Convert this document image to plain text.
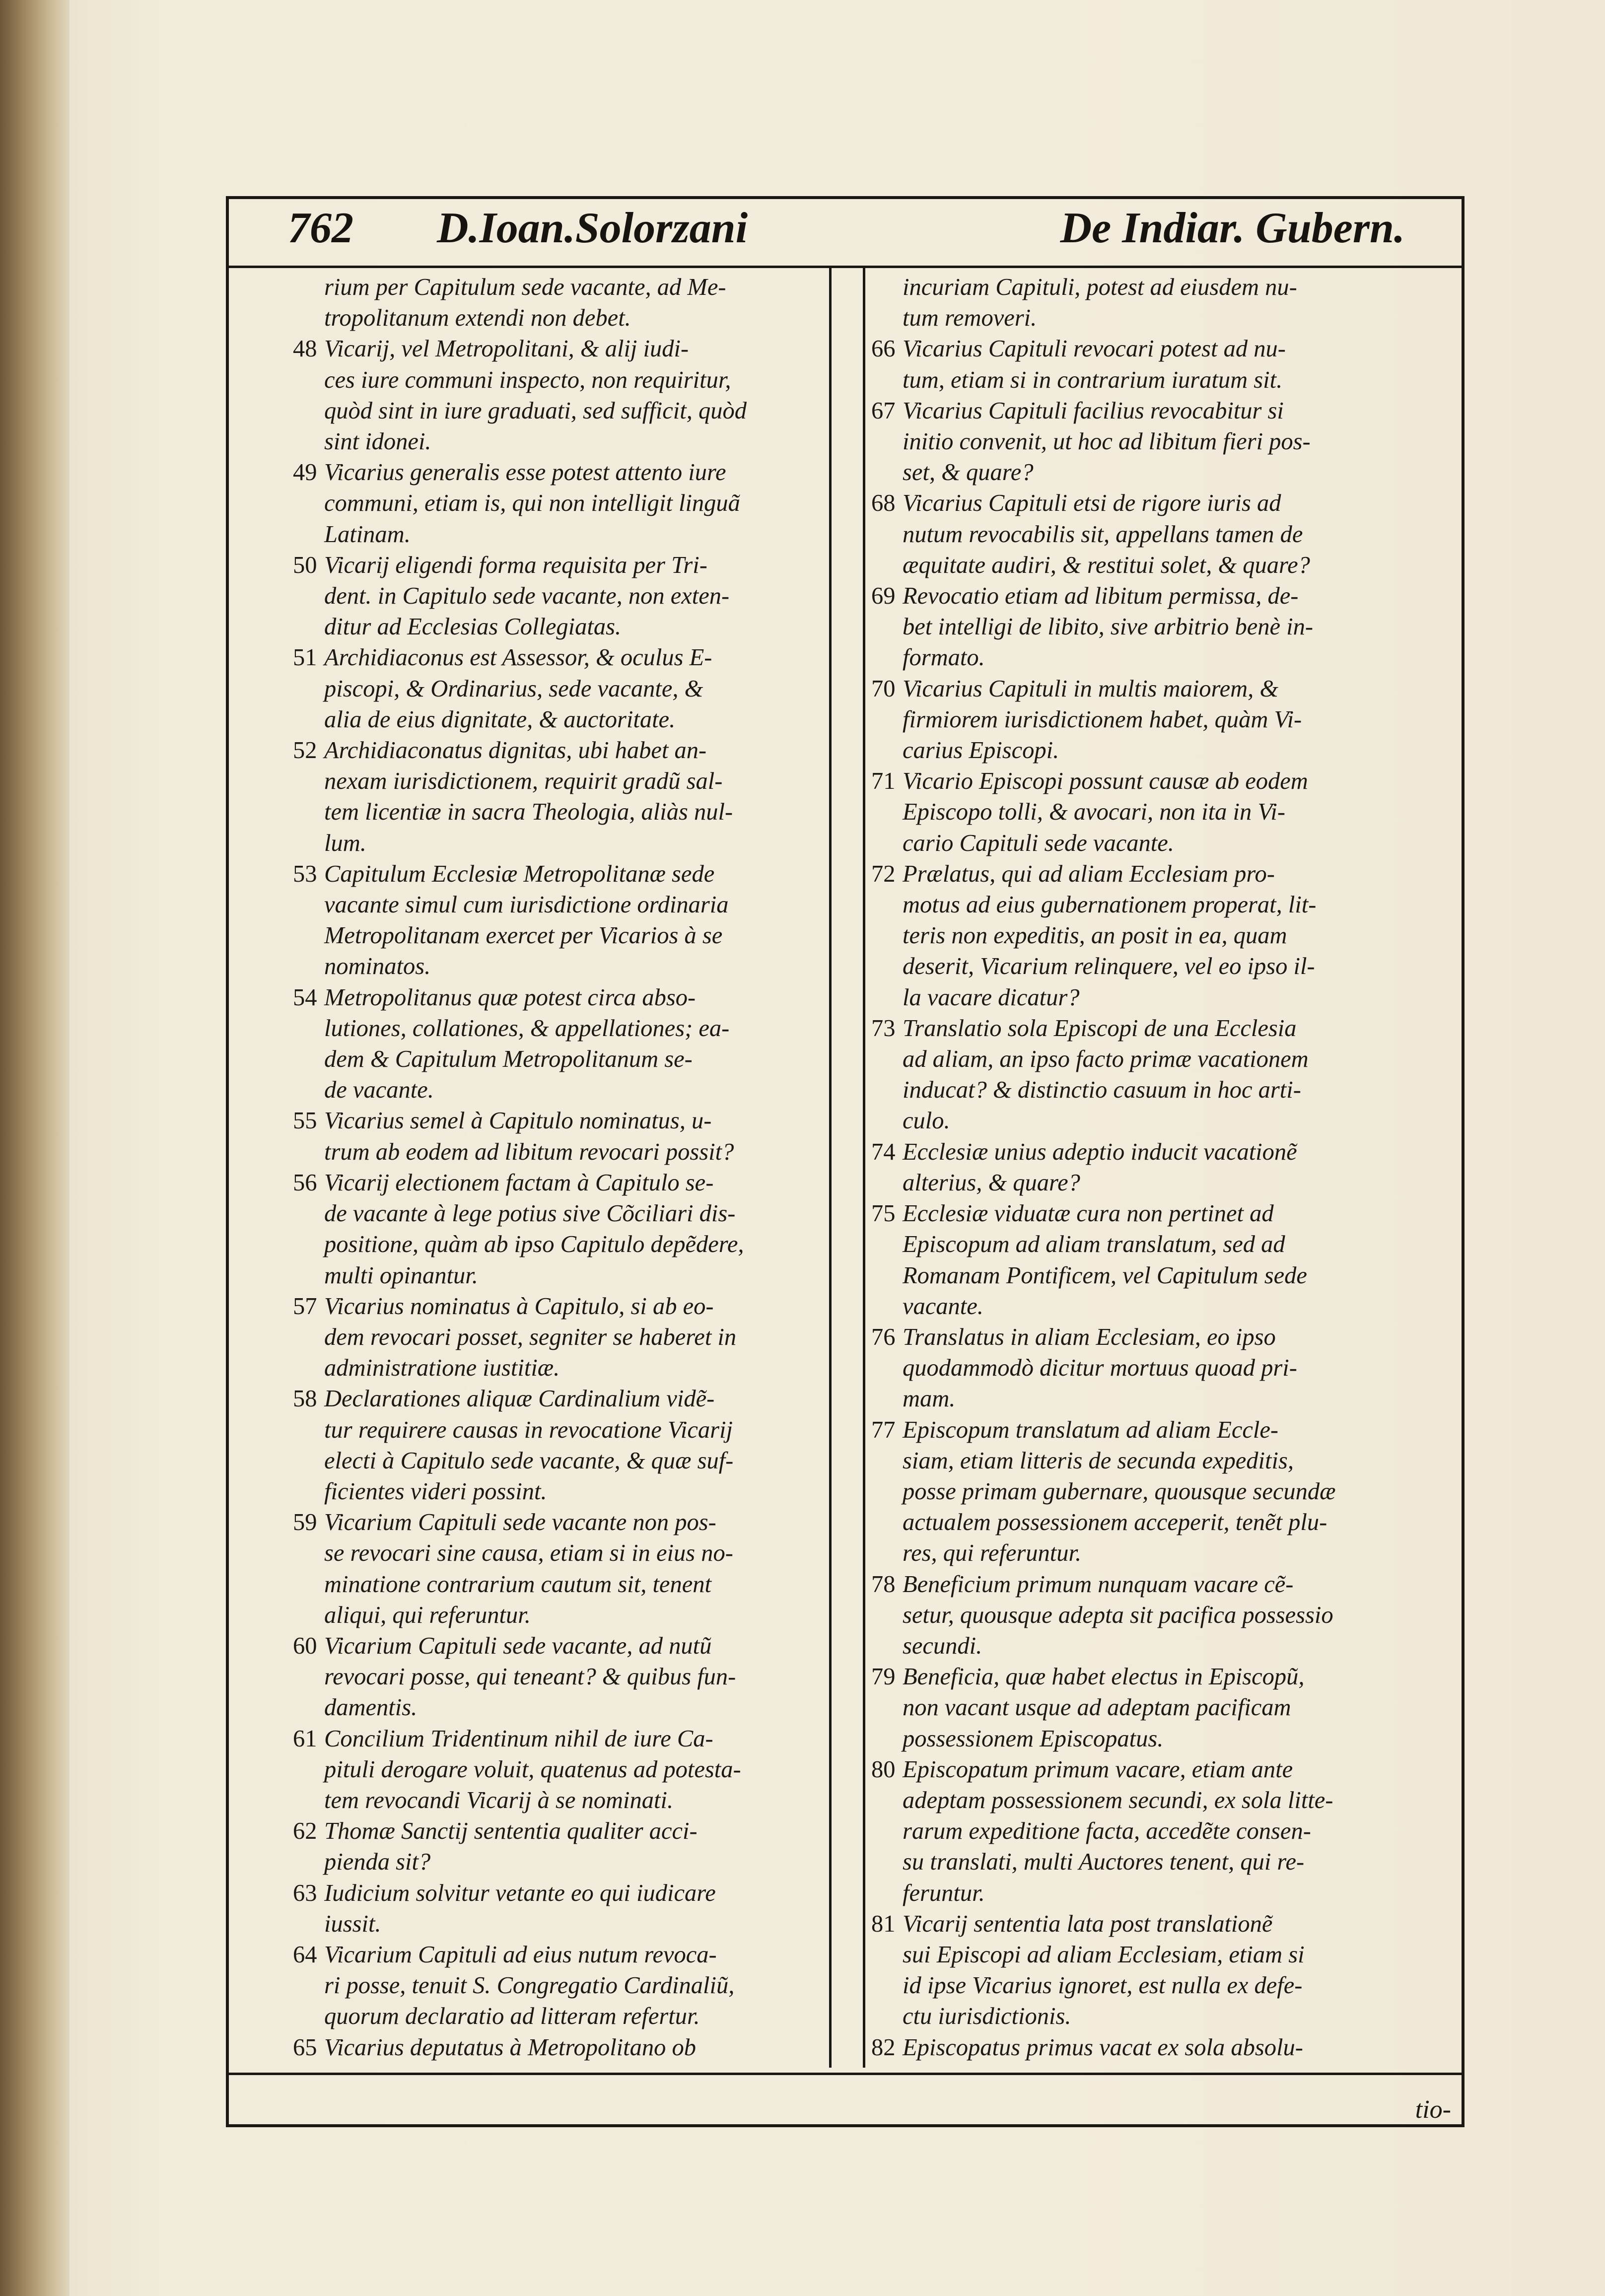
762 D.Ioan.Solorzani	De Indiar. Gubern.
rium per Capitulum sede vacante, ad Me-
tropolitanum extendi non debet.
48 Vicarij, vel Metropolitani, & alij iudi-
ces iure communi inspecto, non requiritur,
quòd sint in iure graduati, sed sufficit, quòd
sint idonei.
49 Vicarius generalis esse potest attento iure
communi, etiam is, qui non intelligit linguã
Latinam.
50 Vicarij eligendi forma requisita per Tri-
dent. in Capitulo sede vacante, non exten-
ditur ad Ecclesias Collegiatas.
51 Archidiaconus est Assessor, & oculus E-
piscopi, & Ordinarius, sede vacante, &
alia de eius dignitate, & auctoritate.
52 Archidiaconatus dignitas, ubi habet an-
nexam iurisdictionem, requirit gradũ sal-
tem licentiæ in sacra Theologia, aliàs nul-
lum.
53 Capitulum Ecclesiæ Metropolitanæ sede
vacante simul cum iurisdictione ordinaria
Metropolitanam exercet per Vicarios à se
nominatos.
54 Metropolitanus quæ potest circa abso-
lutiones, collationes, & appellationes; ea-
dem & Capitulum Metropolitanum se-
de vacante.
55 Vicarius semel à Capitulo nominatus, u-
trum ab eodem ad libitum revocari possit?
56 Vicarij electionem factam à Capitulo se-
de vacante à lege potius sive Cõciliari dis-
positione, quàm ab ipso Capitulo depẽdere,
multi opinantur.
57 Vicarius nominatus à Capitulo, si ab eo-
dem revocari posset, segniter se haberet in
administratione iustitiæ.
58 Declarationes aliquæ Cardinalium vidẽ-
tur requirere causas in revocatione Vicarij
electi à Capitulo sede vacante, & quæ suf-
ficientes videri possint.
59 Vicarium Capituli sede vacante non pos-
se revocari sine causa, etiam si in eius no-
minatione contrarium cautum sit, tenent
aliqui, qui referuntur.
60 Vicarium Capituli sede vacante, ad nutũ
revocari posse, qui teneant? & quibus fun-
damentis.
61 Concilium Tridentinum nihil de iure Ca-
pituli derogare voluit, quatenus ad potesta-
tem revocandi Vicarij à se nominati.
62 Thomæ Sanctij sententia qualiter acci-
pienda sit?
63 Iudicium solvitur vetante eo qui iudicare
iussit.
64 Vicarium Capituli ad eius nutum revoca-
ri posse, tenuit S. Congregatio Cardinaliũ,
quorum declaratio ad litteram refertur.
65 Vicarius deputatus à Metropolitano ob
incuriam Capituli, potest ad eiusdem nu-
tum removeri.
66 Vicarius Capituli revocari potest ad nu-
tum, etiam si in contrarium iuratum sit.
67 Vicarius Capituli facilius revocabitur si
initio convenit, ut hoc ad libitum fieri pos-
set, & quare?
68 Vicarius Capituli etsi de rigore iuris ad
nutum revocabilis sit, appellans tamen de
æquitate audiri, & restitui solet, & quare?
69 Revocatio etiam ad libitum permissa, de-
bet intelligi de libito, sive arbitrio benè in-
formato.
70 Vicarius Capituli in multis maiorem, &
firmiorem iurisdictionem habet, quàm Vi-
carius Episcopi.
71 Vicario Episcopi possunt causæ ab eodem
Episcopo tolli, & avocari, non ita in Vi-
cario Capituli sede vacante.
72 Prælatus, qui ad aliam Ecclesiam pro-
motus ad eius gubernationem properat, lit-
teris non expeditis, an posit in ea, quam
deserit, Vicarium relinquere, vel eo ipso il-
la vacare dicatur?
73 Translatio sola Episcopi de una Ecclesia
ad aliam, an ipso facto primæ vacationem
inducat? & distinctio casuum in hoc arti-
culo.
74 Ecclesiæ unius adeptio inducit vacationẽ
alterius, & quare?
75 Ecclesiæ viduatæ cura non pertinet ad
Episcopum ad aliam translatum, sed ad
Romanam Pontificem, vel Capitulum sede
vacante.
76 Translatus in aliam Ecclesiam, eo ipso
quodammodò dicitur mortuus quoad pri-
mam.
77 Episcopum translatum ad aliam Eccle-
siam, etiam litteris de secunda expeditis,
posse primam gubernare, quousque secundæ
actualem possessionem acceperit, tenẽt plu-
res, qui referuntur.
78 Beneficium primum nunquam vacare cẽ-
setur, quousque adepta sit pacifica possessio
secundi.
79 Beneficia, quæ habet electus in Episcopũ,
non vacant usque ad adeptam pacificam
possessionem Episcopatus.
80 Episcopatum primum vacare, etiam ante
adeptam possessionem secundi, ex sola litte-
rarum expeditione facta, accedẽte consen-
su translati, multi Auctores tenent, qui re-
feruntur.
81 Vicarij sententia lata post translationẽ
sui Episcopi ad aliam Ecclesiam, etiam si
id ipse Vicarius ignoret, est nulla ex defe-
ctu iurisdictionis.
82 Episcopatus primus vacat ex sola absolu-
tio-
